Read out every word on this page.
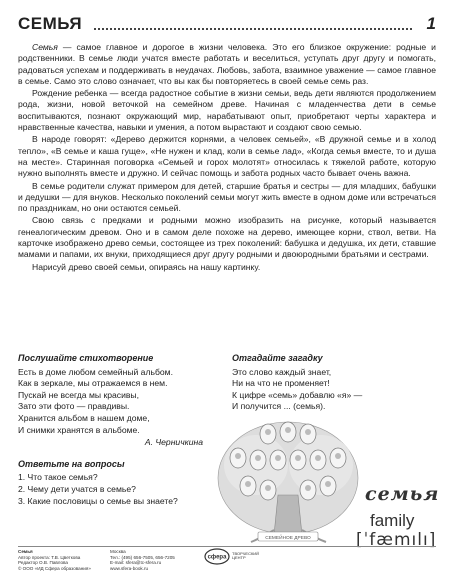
СЕМЬЯ	1

Семья — самое главное и дорогое в жизни человека. Это его близкое окружение: родные и родственники. В семье люди учатся вместе работать и веселиться, уступать друг другу и помогать, радоваться успехам и поддерживать в неудачах. Любовь, забота, взаимное уважение — самое главное в семье. Само это слово означает, что вы как бы повторяетесь в своей семье семь раз.

Рождение ребенка — всегда радостное событие в жизни семьи, ведь дети являются продолжением рода, жизни, новой веточкой на семейном древе. Начиная с младенчества дети в семье воспитываются, познают окружающий мир, нарабатывают опыт, приобретают черты характера и нравственные качества, навыки и умения, а потом вырастают и создают свою семью.

В народе говорят: «Дерево держится корнями, а человек семьей», «В дружной семье и в холод тепло», «В семье и каша гуще», «Не нужен и клад, коли в семье лад», «Когда семья вместе, то и душа на месте». Старинная поговорка «Семьей и горох молотят» относилась к тяжелой работе, которую нужно выполнять вместе и дружно. И сейчас помощь и забота родных часто бывает очень важна.

В семье родители служат примером для детей, старшие братья и сестры — для младших, бабушки и дедушки — для внуков. Несколько поколений семьи могут жить вместе в одном доме или встречаться по праздникам, но они остаются семьей.

Свою связь с предками и родными можно изобразить на рисунке, который называется генеалогическим древом. Оно и в самом деле похоже на дерево, имеющее корни, ствол, ветви. На карточке изображено древо семьи, состоящее из трех поколений: бабушка и дедушка, их дети, ставшие мамами и папами, их внуки, приходящиеся друг другу родными и двоюродными братьями и сестрами.

Нарисуй древо своей семьи, опираясь на нашу картинку.

Послушайте стихотворение
Есть в доме любом семейный альбом.
Как в зеркале, мы отражаемся в нем.
Пускай не всегда мы красивы,
Зато эти фото — правдивы.
Хранится альбом в нашем доме,
И снимки хранятся в альбоме.
А. Черничкина
Ответьте на вопросы
1. Что такое семья?
2. Чему дети учатся в семье?
3. Какие пословицы о семье вы знаете?
Отгадайте загадку
Это слово каждый знает,
Ни на что не променяет!
К цифре «семь» добавлю «я» —
И получится ... (семья).
СЕМЕЙНОЕ ДРЕВО
семья
family
[ˈfæmılı]
Семья
Автор проекта: Т.В. Цветкова
Редактор О.В. Павлова
© ООО «ИД Сфера образования»
Москва
Тел.: (495) 656-7505, 656-7205
E-mail: sfera@tc-sfera.ru
www.sfera-book.ru
сфера
ТВОРЧЕСКИЙ
ЦЕНТР
